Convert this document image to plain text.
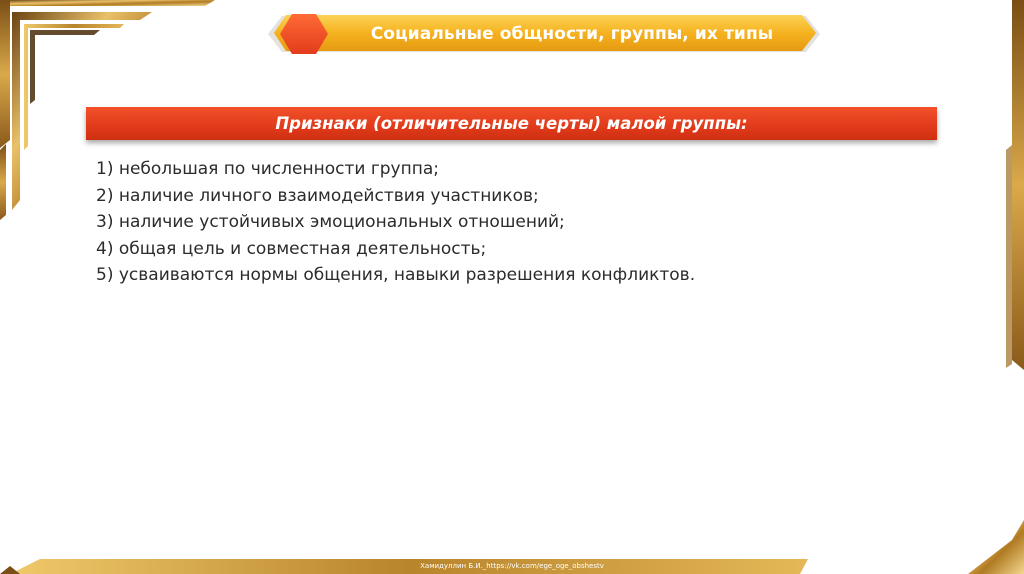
Социальные общности, группы, их типы
Признаки (отличительные черты) малой группы:
1) небольшая по численности группа;
2) наличие личного взаимодействия участников;
3) наличие устойчивых эмоциональных отношений;
4) общая цель и совместная деятельность;
5) усваиваются нормы общения, навыки разрешения конфликтов.
Хамидуллин Б.И._https://vk.com/ege_oge_obshestv
